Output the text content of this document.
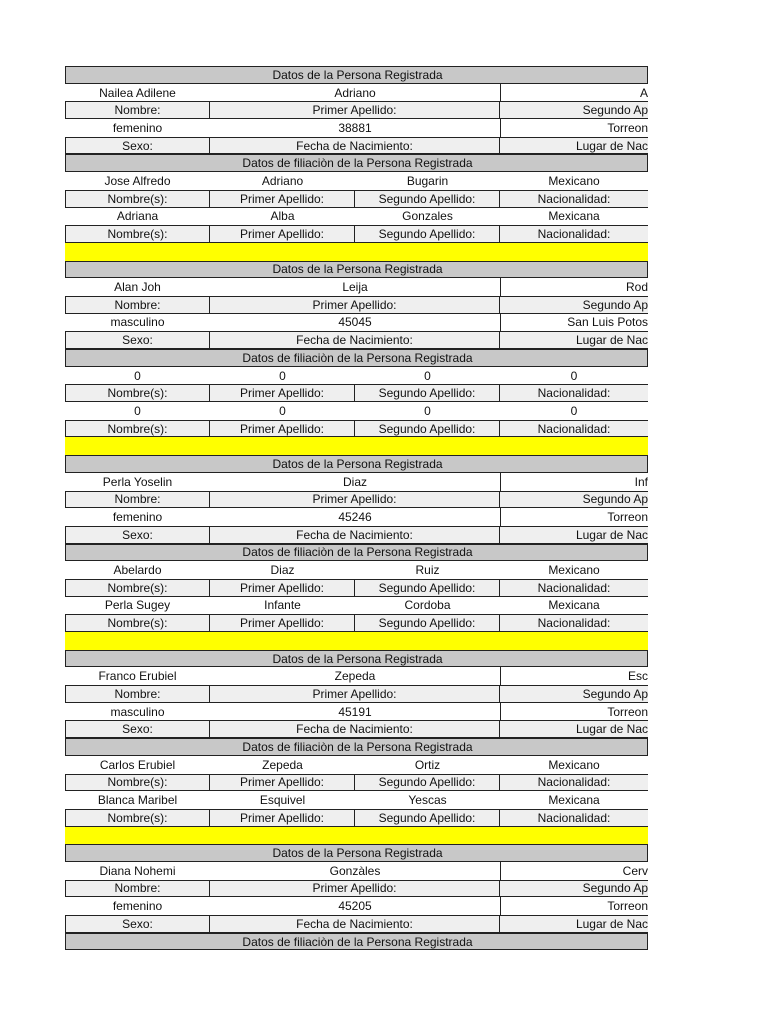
Datos de la Persona Registrada
Nailea Adilene	Adriano	A
Nombre:	Primer Apellido:	Segundo Ap
femenino	38881	Torreon
Sexo:	Fecha de Nacimiento:	Lugar de Nac
Datos de filiaciòn de la Persona Registrada
Jose Alfredo	Adriano	Bugarin	Mexicano
Nombre(s):	Primer Apellido:	Segundo Apellido:	Nacionalidad:
Adriana	Alba	Gonzales	Mexicana
Nombre(s):	Primer Apellido:	Segundo Apellido:	Nacionalidad:
Datos de la Persona Registrada
Alan Joh	Leija	Rod
Nombre:	Primer Apellido:	Segundo Ap
masculino	45045	San Luis Potos
Sexo:	Fecha de Nacimiento:	Lugar de Nac
Datos de filiaciòn de la Persona Registrada
0	0	0	0
Nombre(s):	Primer Apellido:	Segundo Apellido:	Nacionalidad:
0	0	0	0
Nombre(s):	Primer Apellido:	Segundo Apellido:	Nacionalidad:
Datos de la Persona Registrada
Perla Yoselin	Diaz	Inf
Nombre:	Primer Apellido:	Segundo Ap
femenino	45246	Torreon
Sexo:	Fecha de Nacimiento:	Lugar de Nac
Datos de filiaciòn de la Persona Registrada
Abelardo	Diaz	Ruiz	Mexicano
Nombre(s):	Primer Apellido:	Segundo Apellido:	Nacionalidad:
Perla Sugey	Infante	Cordoba	Mexicana
Nombre(s):	Primer Apellido:	Segundo Apellido:	Nacionalidad:
Datos de la Persona Registrada
Franco Erubiel	Zepeda	Esc
Nombre:	Primer Apellido:	Segundo Ap
masculino	45191	Torreon
Sexo:	Fecha de Nacimiento:	Lugar de Nac
Datos de filiaciòn de la Persona Registrada
Carlos Erubiel	Zepeda	Ortiz	Mexicano
Nombre(s):	Primer Apellido:	Segundo Apellido:	Nacionalidad:
Blanca Maribel	Esquivel	Yescas	Mexicana
Nombre(s):	Primer Apellido:	Segundo Apellido:	Nacionalidad:
Datos de la Persona Registrada
Diana Nohemi	Gonzàles	Cerv
Nombre:	Primer Apellido:	Segundo Ap
femenino	45205	Torreon
Sexo:	Fecha de Nacimiento:	Lugar de Nac
Datos de filiaciòn de la Persona Registrada
